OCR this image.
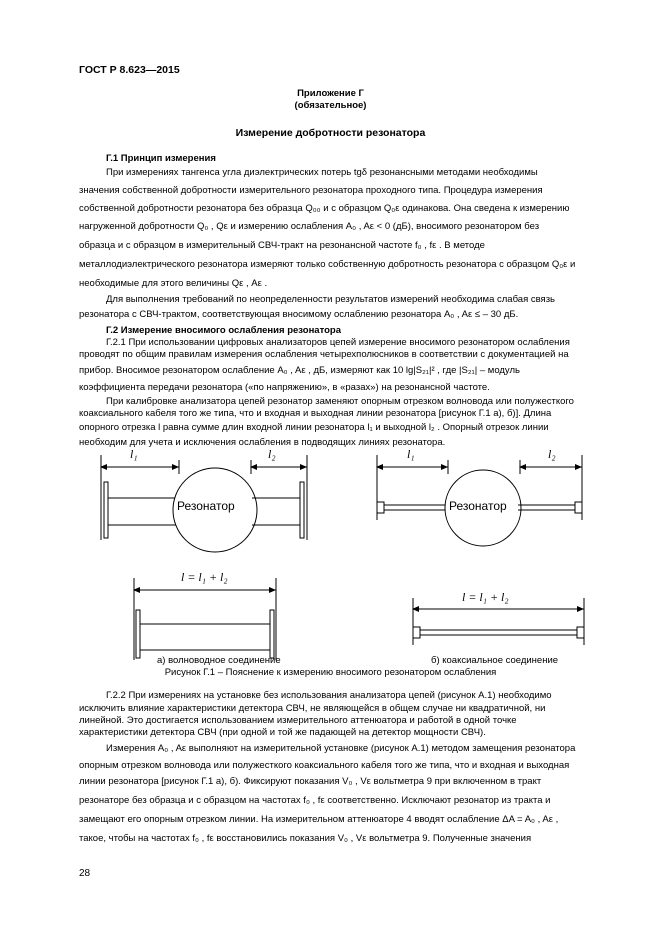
ГОСТ Р 8.623—2015
Приложение Г
(обязательное)
Измерение добротности резонатора
Г.1 Принцип измерения
При измерениях тангенса угла диэлектрических потерь tgδ резонансными методами необходимы
значения собственной добротности измерительного резонатора проходного типа. Процедура измерения
собственной добротности резонатора без образца Q₀₀ и с образцом Q₀ε одинакова. Она сведена к измерению
нагруженной добротности Q₀ , Qε и измерению ослабления A₀ , Aε < 0 (дБ), вносимого резонатором без
образца и с образцом в измерительный СВЧ-тракт на резонансной частоте f₀ , fε . В методе
металлодиэлектрического резонатора измеряют только собственную добротность резонатора с образцом Q₀ε и
необходимые для этого величины Qε , Aε .
Для выполнения требований по неопределенности результатов измерений необходима слабая связь
резонатора с СВЧ-трактом, соответствующая вносимому ослаблению резонатора A₀ , Aε ≤ – 30 дБ.
Г.2 Измерение вносимого ослабления резонатора
Г.2.1 При использовании цифровых анализаторов цепей измерение вносимого резонатором ослабления
проводят по общим правилам измерения ослабления четырехполюсников в соответствии с документацией на
прибор. Вносимое резонатором ослабление A₀ , Aε , дБ, измеряют как 10 lg|S₂₁|² , где |S₂₁| – модуль
коэффициента передачи резонатора («по напряжению», в «разах») на резонансной частоте.
При калибровке анализатора цепей резонатор заменяют опорным отрезком волновода или полужесткого
коаксиального кабеля того же типа, что и входная и выходная линии резонатора [рисунок Г.1 а), б)]. Длина
опорного отрезка l равна сумме длин входной линии резонатора l₁ и выходной l₂ . Опорный отрезок линии
необходим для учета и исключения ослабления в подводящих линиях резонатора.
l₁	l₂
Резонатор
l₁	l₂
Резонатор
l = l₁ + l₂
l = l₁ + l₂
а) волноводное соединение	б) коаксиальное соединение
Рисунок Г.1 – Пояснение к измерению вносимого резонатором ослабления
Г.2.2 При измерениях на установке без использования анализатора цепей (рисунок А.1) необходимо
исключить влияние характеристики детектора СВЧ, не являющейся в общем случае ни квадратичной, ни
линейной. Это достигается использованием измерительного аттенюатора и работой в одной точке
характеристики детектора СВЧ (при одной и той же падающей на детектор мощности СВЧ).
Измерения A₀ , Aε выполняют на измерительной установке (рисунок А.1) методом замещения резонатора
опорным отрезком волновода или полужесткого коаксиального кабеля того же типа, что и входная и выходная
линии резонатора [рисунок Г.1 а), б). Фиксируют показания V₀ , Vε вольтметра 9 при включенном в тракт
резонаторе без образца и с образцом на частотах f₀ , fε соответственно. Исключают резонатор из тракта и
замещают его опорным отрезком линии. На измерительном аттенюаторе 4 вводят ослабление ΔA = A₀ , Aε ,
такое, чтобы на частотах f₀ , fε восстановились показания V₀ , Vε вольтметра 9. Полученные значения
28
